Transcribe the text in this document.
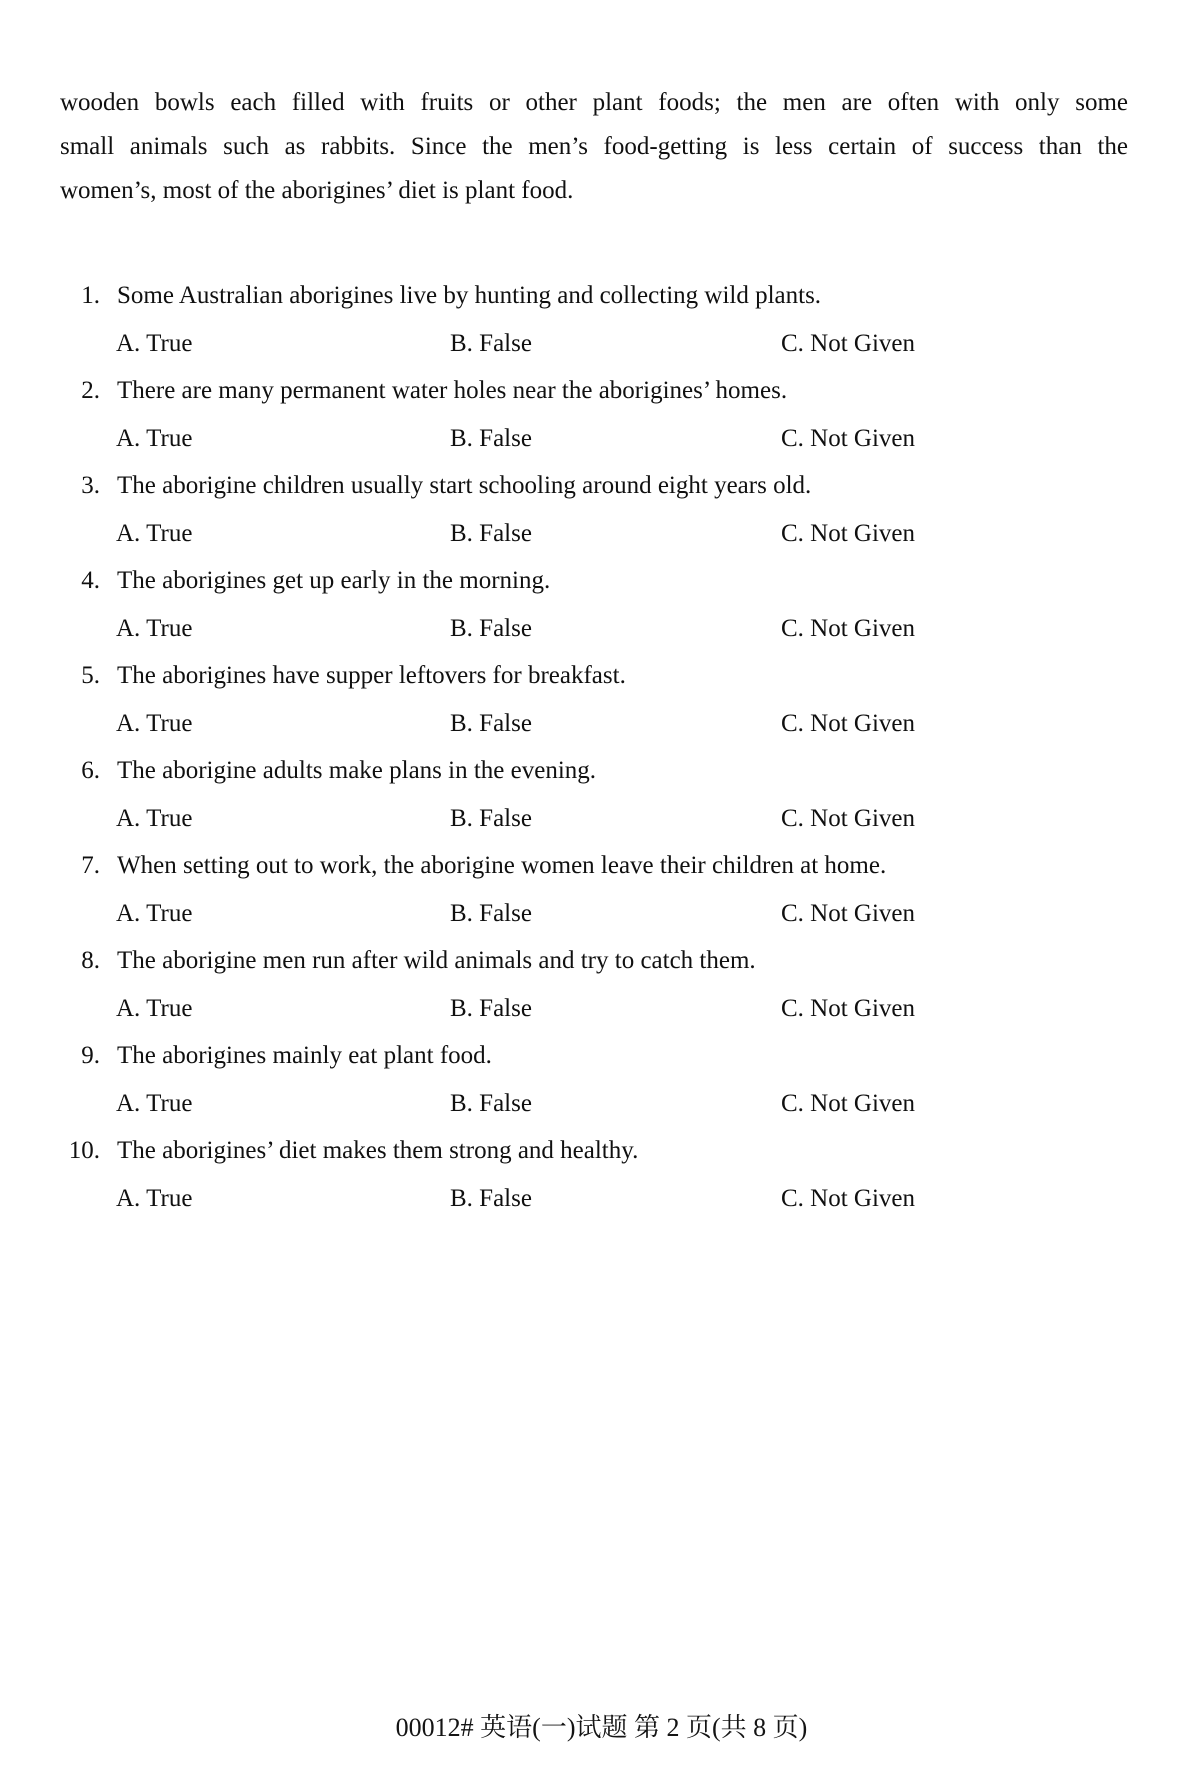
wooden bowls each filled with fruits or other plant foods; the men are often with only some

small animals such as rabbits. Since the men’s food-getting is less certain of success than the

women’s, most of the aborigines’ diet is plant food.

1. Some Australian aborigines live by hunting and collecting wild plants.
A. True	B. False	C. Not Given
2. There are many permanent water holes near the aborigines’ homes.
A. True	B. False	C. Not Given
3. The aborigine children usually start schooling around eight years old.
A. True	B. False	C. Not Given
4. The aborigines get up early in the morning.
A. True	B. False	C. Not Given
5. The aborigines have supper leftovers for breakfast.
A. True	B. False	C. Not Given
6. The aborigine adults make plans in the evening.
A. True	B. False	C. Not Given
7. When setting out to work, the aborigine women leave their children at home.
A. True	B. False	C. Not Given
8. The aborigine men run after wild animals and try to catch them.
A. True	B. False	C. Not Given
9. The aborigines mainly eat plant food.
A. True	B. False	C. Not Given
10. The aborigines’ diet makes them strong and healthy.
A. True	B. False	C. Not Given
00012# 英语(一)试题 第 2 页(共 8 页)
